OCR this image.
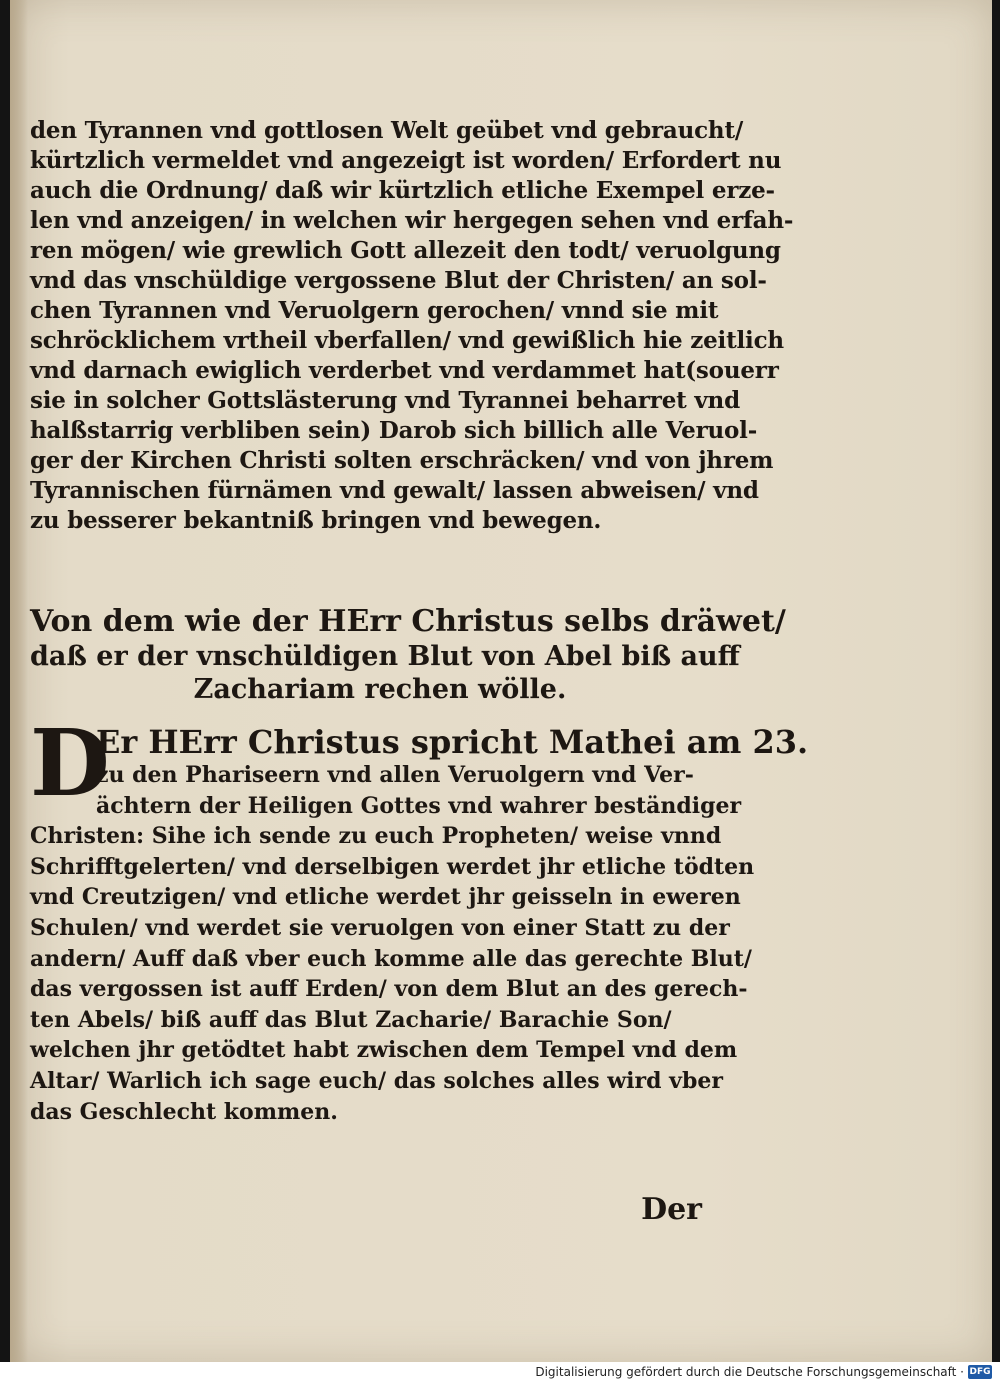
den Tyrannen vnd gottlosen Welt geübet vnd gebraucht/
kürtzlich vermeldet vnd angezeigt ist worden/ Erfordert nu
auch die Ordnung/ daß wir kürtzlich etliche Exempel erze-
len vnd anzeigen/ in welchen wir hergegen sehen vnd erfah-
ren mögen/ wie grewlich Gott allezeit den todt/ veruolgung
vnd das vnschüldige vergossene Blut der Christen/ an sol-
chen Tyrannen vnd Veruolgern gerochen/ vnnd sie mit
schröcklichem vrtheil vberfallen/ vnd gewißlich hie zeitlich
vnd darnach ewiglich verderbet vnd verdammet hat(souerr
sie in solcher Gottslästerung vnd Tyrannei beharret vnd
halßstarrig verbliben sein) Darob sich billich alle Veruol-
ger der Kirchen Christi solten erschräcken/ vnd von jhrem
Tyrannischen fürnämen vnd gewalt/ lassen abweisen/ vnd
zu besserer bekantniß bringen vnd bewegen.
Von dem wie der HErr Christus selbs dräwet/
daß er der vnschüldigen Blut von Abel biß auff
Zachariam rechen wölle.
D
Er HErr Christus spricht Mathei am 23.
zu den Phariseern vnd allen Veruolgern vnd Ver-
ächtern der Heiligen Gottes vnd wahrer beständiger
Christen: Sihe ich sende zu euch Propheten/ weise vnnd
Schrifftgelerten/ vnd derselbigen werdet jhr etliche tödten
vnd Creutzigen/ vnd etliche werdet jhr geisseln in eweren
Schulen/ vnd werdet sie veruolgen von einer Statt zu der
andern/ Auff daß vber euch komme alle das gerechte Blut/
das vergossen ist auff Erden/ von dem Blut an des gerech-
ten Abels/ biß auff das Blut Zacharie/ Barachie Son/
welchen jhr getödtet habt zwischen dem Tempel vnd dem
Altar/ Warlich ich sage euch/ das solches alles wird vber
das Geschlecht kommen.
Der
Digitalisierung gefördert durch die Deutsche Forschungsgemeinschaft · DFG
